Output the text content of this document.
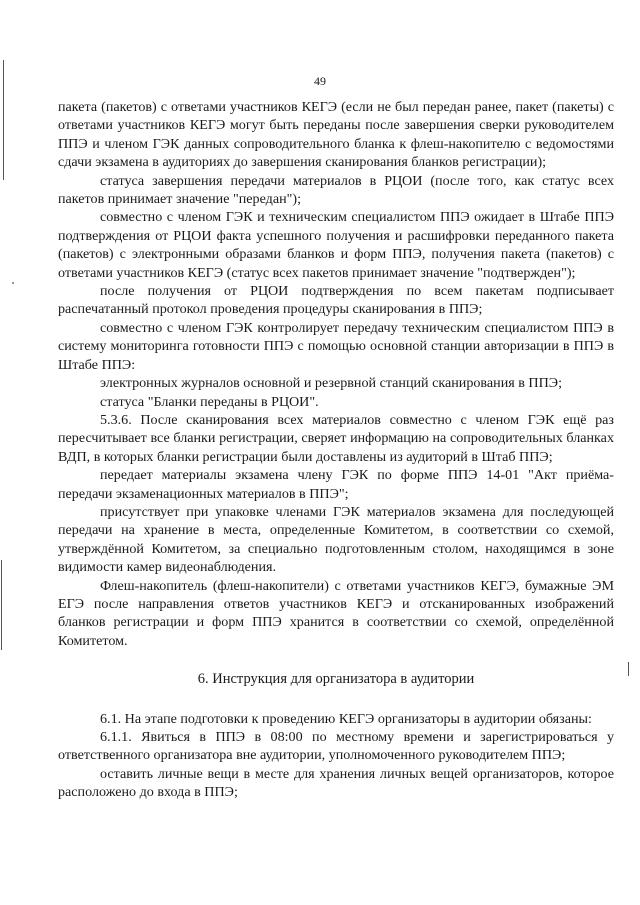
49

пакета (пакетов) с ответами участников КЕГЭ (если не был передан ранее, пакет (пакеты) с ответами участников КЕГЭ могут быть переданы после завершения сверки руководителем ППЭ и членом ГЭК данных сопроводительного бланка к флеш-накопителю с ведомостями сдачи экзамена в аудиториях до завершения сканирования бланков регистрации);

статуса завершения передачи материалов в РЦОИ (после того, как статус всех пакетов принимает значение "передан");

совместно с членом ГЭК и техническим специалистом ППЭ ожидает в Штабе ППЭ подтверждения от РЦОИ факта успешного получения и расшифровки переданного пакета (пакетов) с электронными образами бланков и форм ППЭ, получения пакета (пакетов) с ответами участников КЕГЭ (статус всех пакетов принимает значение "подтвержден");

после получения от РЦОИ подтверждения по всем пакетам подписывает распечатанный протокол проведения процедуры сканирования в ППЭ;

совместно с членом ГЭК контролирует передачу техническим специалистом ППЭ в систему мониторинга готовности ППЭ с помощью основной станции авторизации в ППЭ в Штабе ППЭ:

электронных журналов основной и резервной станций сканирования в ППЭ;

статуса "Бланки переданы в РЦОИ".

5.3.6. После сканирования всех материалов совместно с членом ГЭК ещё раз пересчитывает все бланки регистрации, сверяет информацию на сопроводительных бланках ВДП, в которых бланки регистрации были доставлены из аудиторий в Штаб ППЭ;

передает материалы экзамена члену ГЭК по форме ППЭ 14-01 "Акт приёма-передачи экзаменационных материалов в ППЭ";

присутствует при упаковке членами ГЭК материалов экзамена для последующей передачи на хранение в места, определенные Комитетом, в соответствии со схемой, утверждённой Комитетом, за специально подготовленным столом, находящимся в зоне видимости камер видеонаблюдения.

Флеш-накопитель (флеш-накопители) с ответами участников КЕГЭ, бумажные ЭМ ЕГЭ после направления ответов участников КЕГЭ и отсканированных изображений бланков регистрации и форм ППЭ хранится в соответствии со схемой, определённой Комитетом.

6. Инструкция для организатора в аудитории

6.1. На этапе подготовки к проведению КЕГЭ организаторы в аудитории обязаны:

6.1.1. Явиться в ППЭ в 08:00 по местному времени и зарегистрироваться у ответственного организатора вне аудитории, уполномоченного руководителем ППЭ;

оставить личные вещи в месте для хранения личных вещей организаторов, которое расположено до входа в ППЭ;
